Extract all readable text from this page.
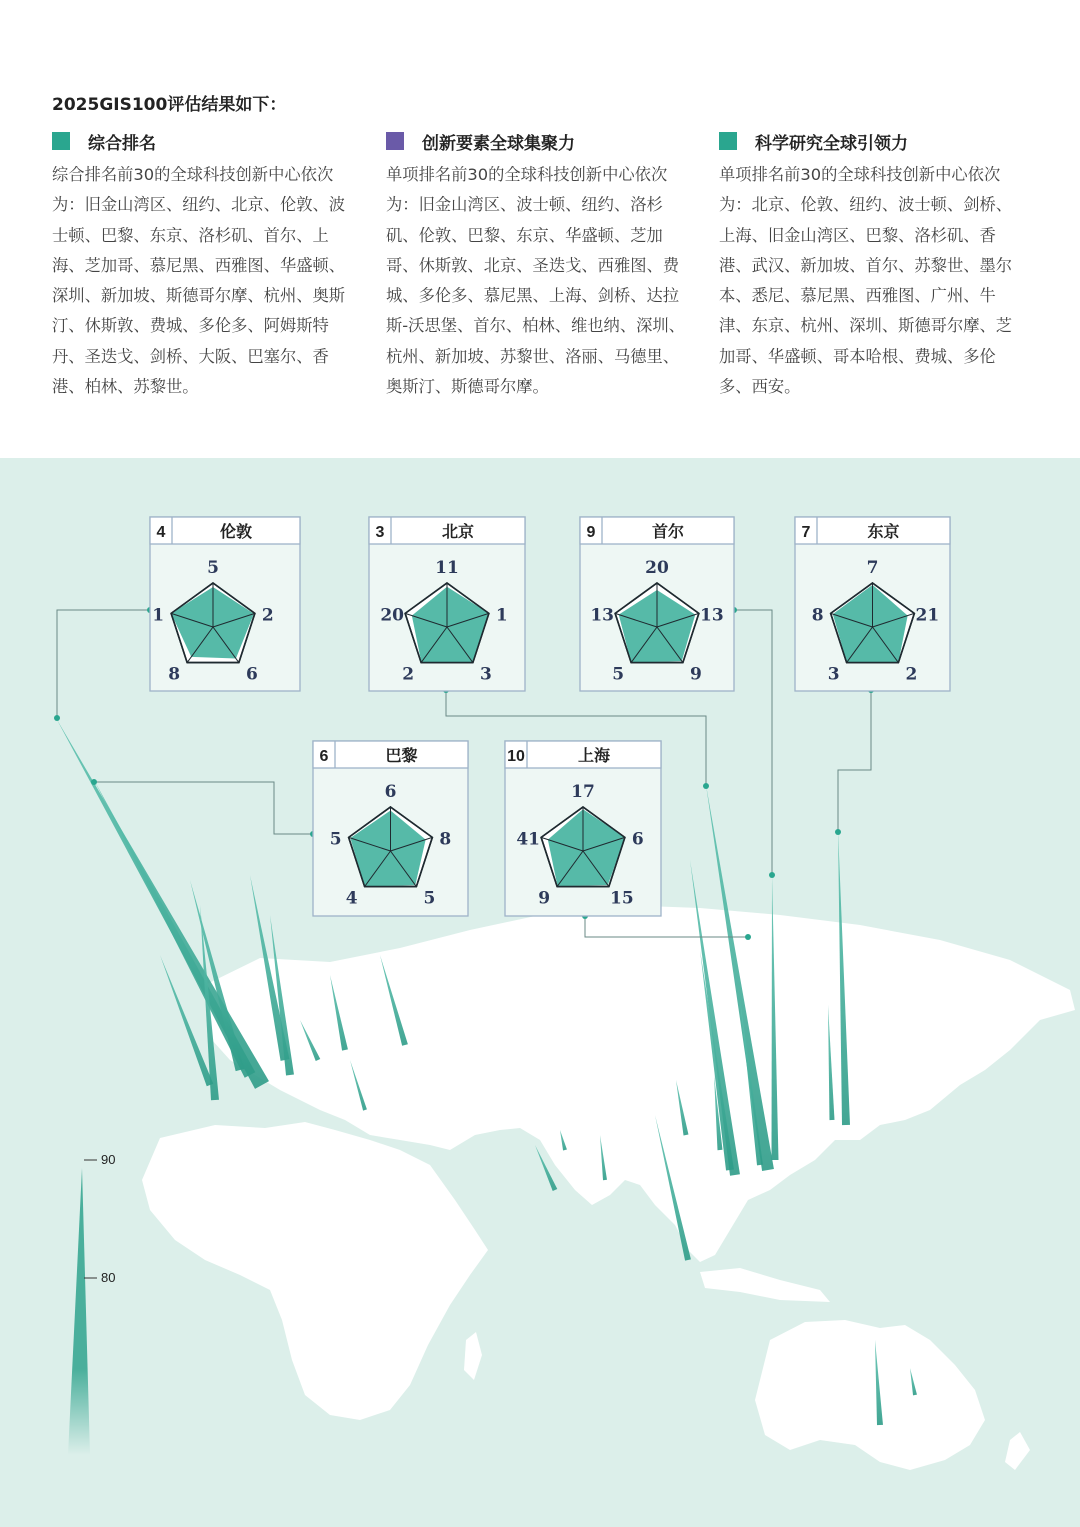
2025GIS100评估结果如下：
综合排名
综合排名前30的全球科技创新中心依次为：旧金山湾区、纽约、北京、伦敦、波士顿、巴黎、东京、洛杉矶、首尔、上海、芝加哥、慕尼黑、西雅图、华盛顿、深圳、新加坡、斯德哥尔摩、杭州、奥斯汀、休斯敦、费城、多伦多、阿姆斯特丹、圣迭戈、剑桥、大阪、巴塞尔、香港、柏林、苏黎世。
创新要素全球集聚力
单项排名前30的全球科技创新中心依次为：旧金山湾区、波士顿、纽约、洛杉矶、伦敦、巴黎、东京、华盛顿、芝加哥、休斯敦、北京、圣迭戈、西雅图、费城、多伦多、慕尼黑、上海、剑桥、达拉斯-沃思堡、首尔、柏林、维也纳、深圳、杭州、新加坡、苏黎世、洛丽、马德里、奥斯汀、斯德哥尔摩。
科学研究全球引领力
单项排名前30的全球科技创新中心依次为：北京、伦敦、纽约、波士顿、剑桥、上海、旧金山湾区、巴黎、洛杉矶、香港、武汉、新加坡、首尔、苏黎世、墨尔本、悉尼、慕尼黑、西雅图、广州、牛津、东京、杭州、深圳、斯德哥尔摩、芝加哥、华盛顿、哥本哈根、费城、多伦多、西安。
4	伦敦
5
2
6
8
1
3	北京
11
1
3
2
20
9	首尔
20
13
9
5
13
7	东京
7
21
2
3
8
6	巴黎
6
8
5
4
5
10	上海
17
6
15
9
41
90
80
